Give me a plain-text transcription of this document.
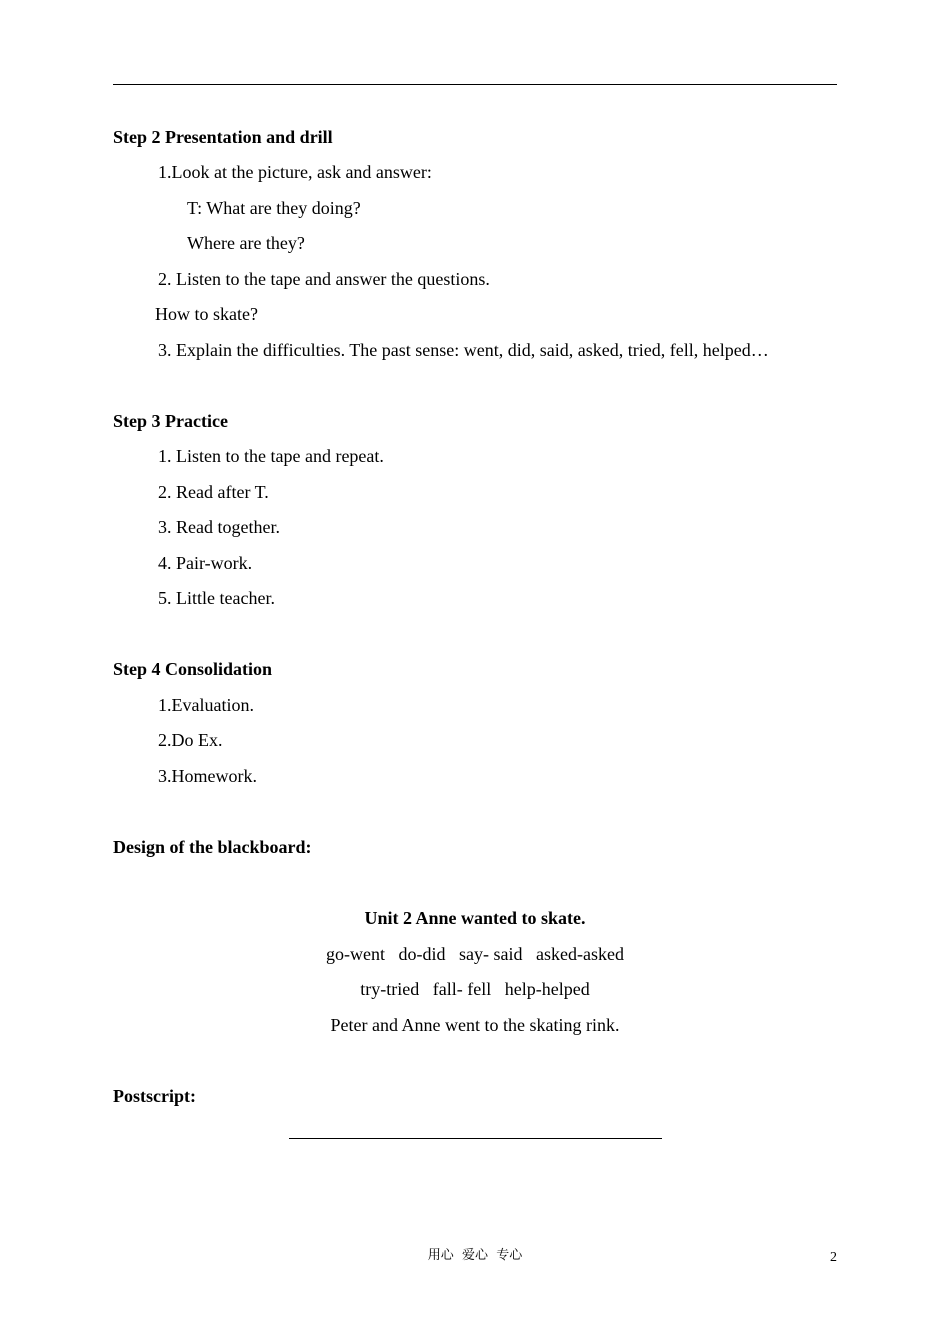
Step 2 Presentation and drill
1.Look at the picture, ask and answer:
T: What are they doing?
Where are they?
2. Listen to the tape and answer the questions.
How to skate?
3. Explain the difficulties. The past sense: went, did, said, asked, tried, fell, helped…
Step 3 Practice
1. Listen to the tape and repeat.
2. Read after T.
3. Read together.
4. Pair-work.
5. Little teacher.
Step 4 Consolidation
1.Evaluation.
2.Do Ex.
3.Homework.
Design of the blackboard:
Unit 2 Anne wanted to skate.
go-went   do-did   say- said   asked-asked
try-tried   fall- fell   help-helped
Peter and Anne went to the skating rink.
Postscript:
用心  爱心  专心	2
